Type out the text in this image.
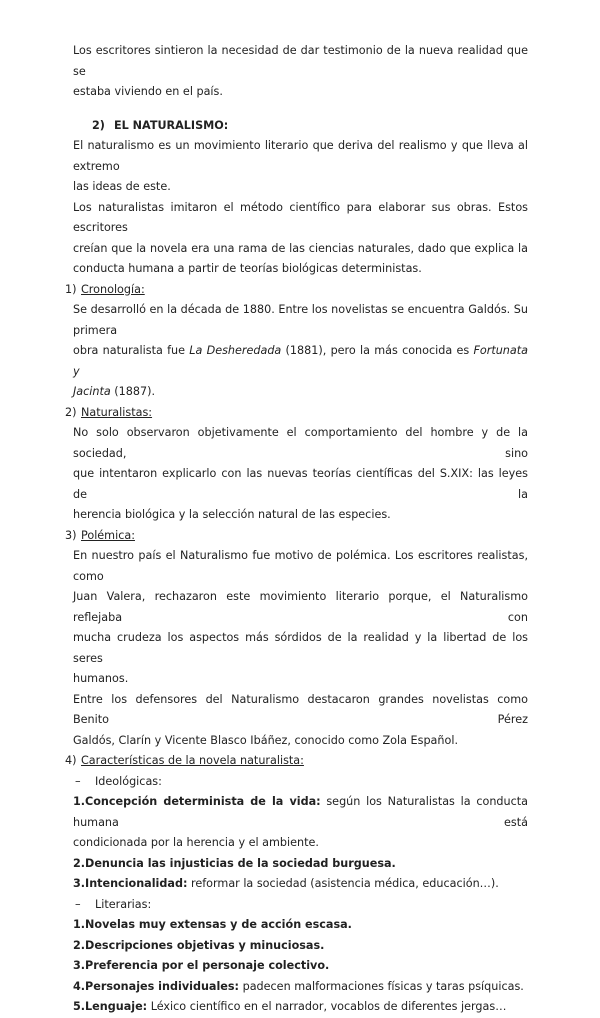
Los escritores sintieron la necesidad de dar testimonio de la nueva realidad que se

estaba viviendo en el país.

2) EL NATURALISMO:

El naturalismo es un movimiento literario que deriva del realismo y que lleva al extremo

las ideas de este.

Los naturalistas imitaron el método científico para elaborar sus obras. Estos escritores

creían que la novela era una rama de las ciencias naturales, dado que explica la

conducta humana a partir de teorías biológicas deterministas.

1) Cronología:

Se desarrolló en la década de 1880. Entre los novelistas se encuentra Galdós. Su primera

obra naturalista fue La Desheredada (1881), pero la más conocida es Fortunata y

Jacinta (1887).

2) Naturalistas:

No solo observaron objetivamente el comportamiento del hombre y de la sociedad, sino

que intentaron explicarlo con las nuevas teorías científicas del S.XIX: las leyes de la

herencia biológica y la selección natural de las especies.

3) Polémica:

En nuestro país el Naturalismo fue motivo de polémica. Los escritores realistas, como

Juan Valera, rechazaron este movimiento literario porque, el Naturalismo reflejaba con

mucha crudeza los aspectos más sórdidos de la realidad y la libertad de los seres

humanos.

Entre los defensores del Naturalismo destacaron grandes novelistas como Benito Pérez

Galdós, Clarín y Vicente Blasco Ibáñez, conocido como Zola Español.

4) Características de la novela naturalista:

– Ideológicas:

1.Concepción determinista de la vida: según los Naturalistas la conducta humana está

condicionada por la herencia y el ambiente.

2.Denuncia las injusticias de la sociedad burguesa.

3.Intencionalidad: reformar la sociedad (asistencia médica, educación…).

– Literarias:

1.Novelas muy extensas y de acción escasa.

2.Descripciones objetivas y minuciosas.

3.Preferencia por el personaje colectivo.

4.Personajes individuales: padecen malformaciones físicas y taras psíquicas.

5.Lenguaje: Léxico científico en el narrador, vocablos de diferentes jergas…
